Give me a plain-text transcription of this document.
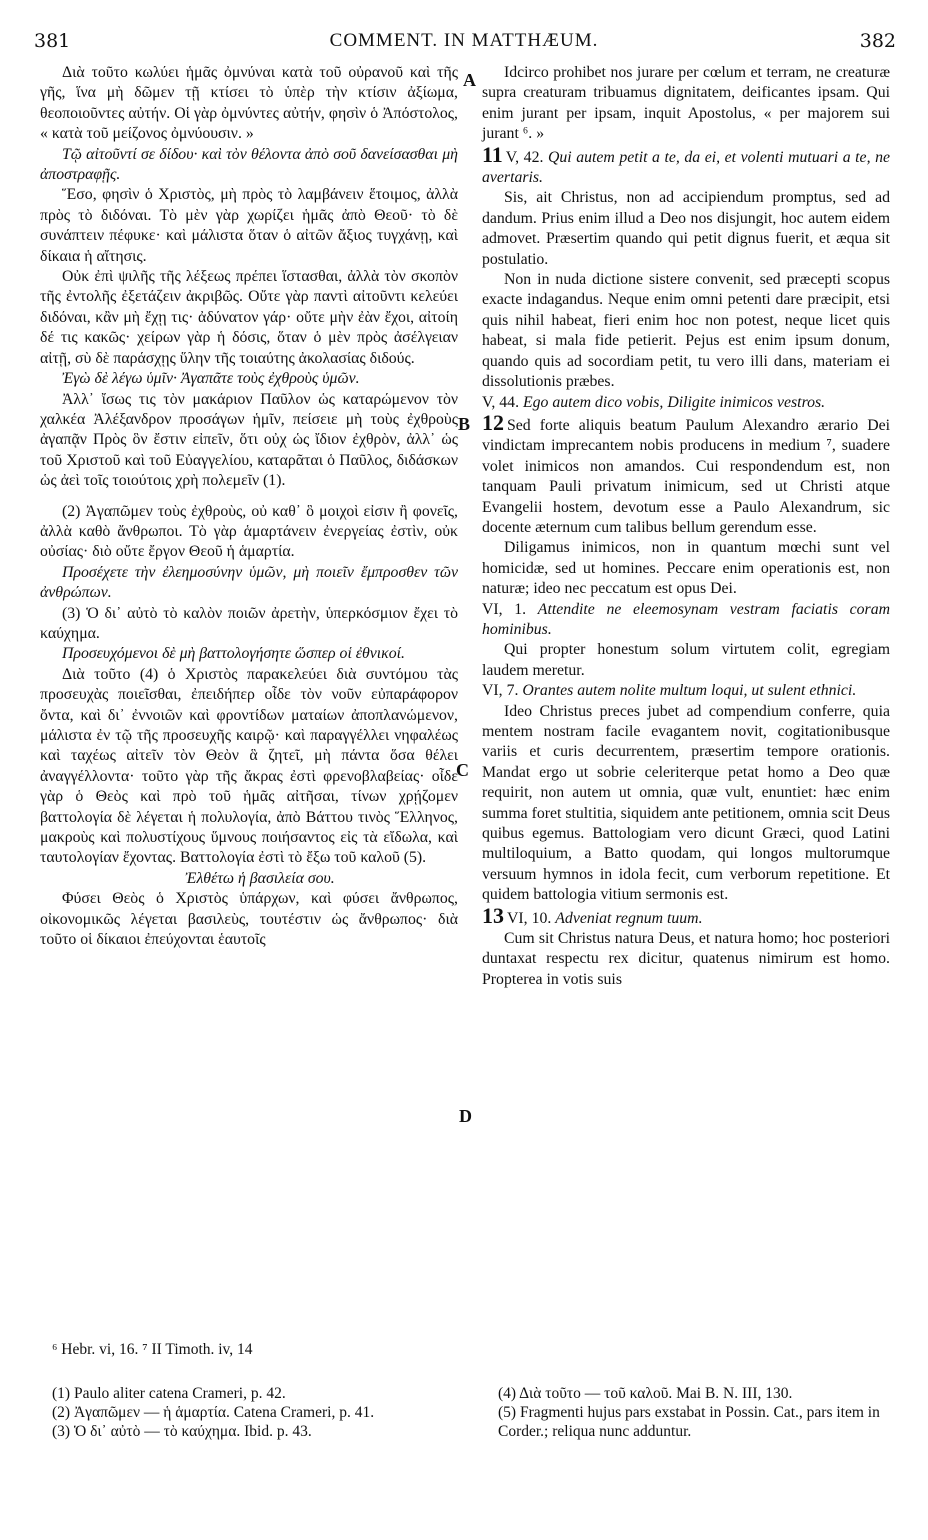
381	COMMENT. IN MATTHÆUM.	382

Διὰ τοῦτο κωλύει ἡμᾶς ὀμνύναι κατὰ τοῦ οὐρανοῦ καὶ τῆς γῆς, ἵνα μὴ δῶμεν τῇ κτίσει τὸ ὑπὲρ τὴν κτίσιν ἀξίωμα, θεοποιοῦντες αὐτήν. Οἱ γὰρ ὀμνύντες αὐτήν, φησὶν ὁ Ἀπόστολος, « κατὰ τοῦ μείζονος ὀμνύουσιν. »

Τῷ αἰτοῦντί σε δίδου· καὶ τὸν θέλοντα ἀπὸ σοῦ δανείσασθαι μὴ ἀποστραφῇς.

Ἕσο, φησὶν ὁ Χριστὸς, μὴ πρὸς τὸ λαμβάνειν ἕτοιμος, ἀλλὰ πρὸς τὸ διδόναι. Τὸ μὲν γὰρ χωρίζει ἡμᾶς ἀπὸ Θεοῦ· τὸ δὲ συνάπτειν πέφυκε· καὶ μάλιστα ὅταν ὁ αἰτῶν ἄξιος τυγχάνῃ, καὶ δίκαια ἡ αἴτησις.

Οὐκ ἐπὶ ψιλῆς τῆς λέξεως πρέπει ἵστασθαι, ἀλλὰ τὸν σκοπὸν τῆς ἐντολῆς ἐξετάζειν ἀκριβῶς. Οὔτε γὰρ παντὶ αἰτοῦντι κελεύει διδόναι, κἂν μὴ ἔχῃ τις· ἀδύνατον γάρ· οὔτε μὴν ἐὰν ἔχοι, αἰτοίη δέ τις κακῶς· χείρων γὰρ ἡ δόσις, ὅταν ὁ μὲν πρὸς ἀσέλγειαν αἰτῇ, σὺ δὲ παράσχῃς ὕλην τῆς τοιαύτης ἀκολασίας διδούς.

Ἐγὼ δὲ λέγω ὑμῖν· Ἀγαπᾶτε τοὺς ἐχθροὺς ὑμῶν.

Ἀλλ᾽ ἴσως τις τὸν μακάριον Παῦλον ὡς καταρώμενον τὸν χαλκέα Ἀλέξανδρον προσάγων ἡμῖν, πείσειε μὴ τοὺς ἐχθροὺς ἀγαπᾷν Πρὸς ὃν ἔστιν εἰπεῖν, ὅτι οὐχ ὡς ἴδιον ἐχθρὸν, ἀλλ᾽ ὡς τοῦ Χριστοῦ καὶ τοῦ Εὐαγγελίου, καταρᾶται ὁ Παῦλος, διδάσκων ὡς ἀεὶ τοῖς τοιούτοις χρὴ πολεμεῖν (1).

(2) Ἀγαπῶμεν τοὺς ἐχθροὺς, οὐ καθ᾽ ὃ μοιχοὶ εἰσιν ἢ φονεῖς, ἀλλὰ καθὸ ἄνθρωποι. Τὸ γὰρ ἁμαρτάνειν ἐνεργείας ἐστὶν, οὐκ οὐσίας· διὸ οὔτε ἔργον Θεοῦ ἡ ἁμαρτία.

Προσέχετε τὴν ἐλεημοσύνην ὑμῶν, μὴ ποιεῖν ἔμπροσθεν τῶν ἀνθρώπων.

(3) Ὁ δι᾽ αὐτὸ τὸ καλὸν ποιῶν ἀρετὴν, ὑπερκόσμιον ἔχει τὸ καύχημα.

Προσευχόμενοι δὲ μὴ βαττολογήσητε ὥσπερ οἱ ἐθνικοί.

Διὰ τοῦτο (4) ὁ Χριστὸς παρακελεύει διὰ συντόμου τὰς προσευχὰς ποιεῖσθαι, ἐπειδήπερ οἶδε τὸν νοῦν εὐπαράφορον ὄντα, καὶ δι᾽ ἐννοιῶν καὶ φροντίδων ματαίων ἀποπλανώμενον, μάλιστα ἐν τῷ τῆς προσευχῆς καιρῷ· καὶ παραγγέλλει νηφαλέως καὶ ταχέως αἰτεῖν τὸν Θεὸν ἃ ζητεῖ, μὴ πάντα ὅσα θέλει ἀναγγέλλοντα· τοῦτο γὰρ τῆς ἄκρας ἐστὶ φρενοβλαβείας· οἶδε γὰρ ὁ Θεὸς καὶ πρὸ τοῦ ἡμᾶς αἰτῆσαι, τίνων χρῄζομεν βαττολογία δὲ λέγεται ἡ πολυλογία, ἀπὸ Βάττου τινὸς Ἕλληνος, μακροὺς καὶ πολυστίχους ὕμνους ποιήσαντος εἰς τὰ εἴδωλα, καὶ ταυτολογίαν ἔχοντας. Βαττολογία ἐστὶ τὸ ἔξω τοῦ καλοῦ (5).

Ἐλθέτω ἡ βασιλεία σου.

Φύσει Θεὸς ὁ Χριστὸς ὑπάρχων, καὶ φύσει ἄνθρωπος, οἰκονομικῶς λέγεται βασιλεὺς, τουτέστιν ὡς ἄνθρωπος· διὰ τοῦτο οἱ δίκαιοι ἐπεύχονται ἑαυτοῖς

Idcirco prohibet nos jurare per cœlum et terram, ne creaturæ supra creaturam tribuamus dignitatem, deificantes ipsam. Qui enim jurant per ipsam, inquit Apostolus, « per majorem sui jurant ⁶. »

11 V, 42. Qui autem petit a te, da ei, et volenti mutuari a te, ne avertaris.

Sis, ait Christus, non ad accipiendum promptus, sed ad dandum. Prius enim illud a Deo nos disjungit, hoc autem eidem admovet. Præsertim quando qui petit dignus fuerit, et æqua sit postulatio.

Non in nuda dictione sistere convenit, sed præcepti scopus exacte indagandus. Neque enim omni petenti dare præcipit, etsi quis nihil habeat, fieri enim hoc non potest, neque licet quis habeat, si mala fide petierit. Pejus est enim ipsum donum, quando quis ad socordiam petit, tu vero illi dans, materiam ei dissolutionis præbes.

V, 44. Ego autem dico vobis, Diligite inimicos vestros.

12 Sed forte aliquis beatum Paulum Alexandro ærario Dei vindictam imprecantem nobis producens in medium ⁷, suadere volet inimicos non amandos. Cui respondendum est, non tanquam Pauli privatum inimicum, sed ut Christi atque Evangelii hostem, devotum esse a Paulo Alexandrum, sic docente æternum cum talibus bellum gerendum esse.

Diligamus inimicos, non in quantum mœchi sunt vel homicidæ, sed ut homines. Peccare enim operationis est, non naturæ; ideo nec peccatum est opus Dei.

VI, 1. Attendite ne eleemosynam vestram faciatis coram hominibus.

Qui propter honestum solum virtutem colit, egregiam laudem meretur.

VI, 7. Orantes autem nolite multum loqui, ut sulent ethnici.

Ideo Christus preces jubet ad compendium conferre, quia mentem nostram facile evagantem novit, cogitationibusque variis et curis decurrentem, præsertim tempore orationis. Mandat ergo ut sobrie celeriterque petat homo a Deo quæ requirit, non autem ut omnia, quæ vult, enuntiet: hæc enim summa foret stultitia, siquidem ante petitionem, omnia scit Deus quibus egemus. Battologiam vero dicunt Græci, quod Latini multiloquium, a Batto quodam, qui longos multorumque versuum hymnos in idola fecit, cum verborum repetitione. Et quidem battologia vitium sermonis est.

13 VI, 10. Adveniat regnum tuum.

Cum sit Christus natura Deus, et natura homo; hoc posteriori duntaxat respectu rex dicitur, quatenus nimirum est homo. Propterea in votis suis

A
B
C
D

⁶ Hebr. vi, 16. ⁷ II Timoth. iv, 14

(1) Paulo aliter catena Crameri, p. 42.

(2) Ἀγαπῶμεν — ἡ ἁμαρτία. Catena Crameri, p. 41.

(3) Ὁ δι᾽ αὐτὸ — τὸ καύχημα. Ibid. p. 43.

(4) Διὰ τοῦτο — τοῦ καλοῦ. Mai B. N. III, 130.

(5) Fragmenti hujus pars exstabat in Possin. Cat., pars item in Corder.; reliqua nunc adduntur.
